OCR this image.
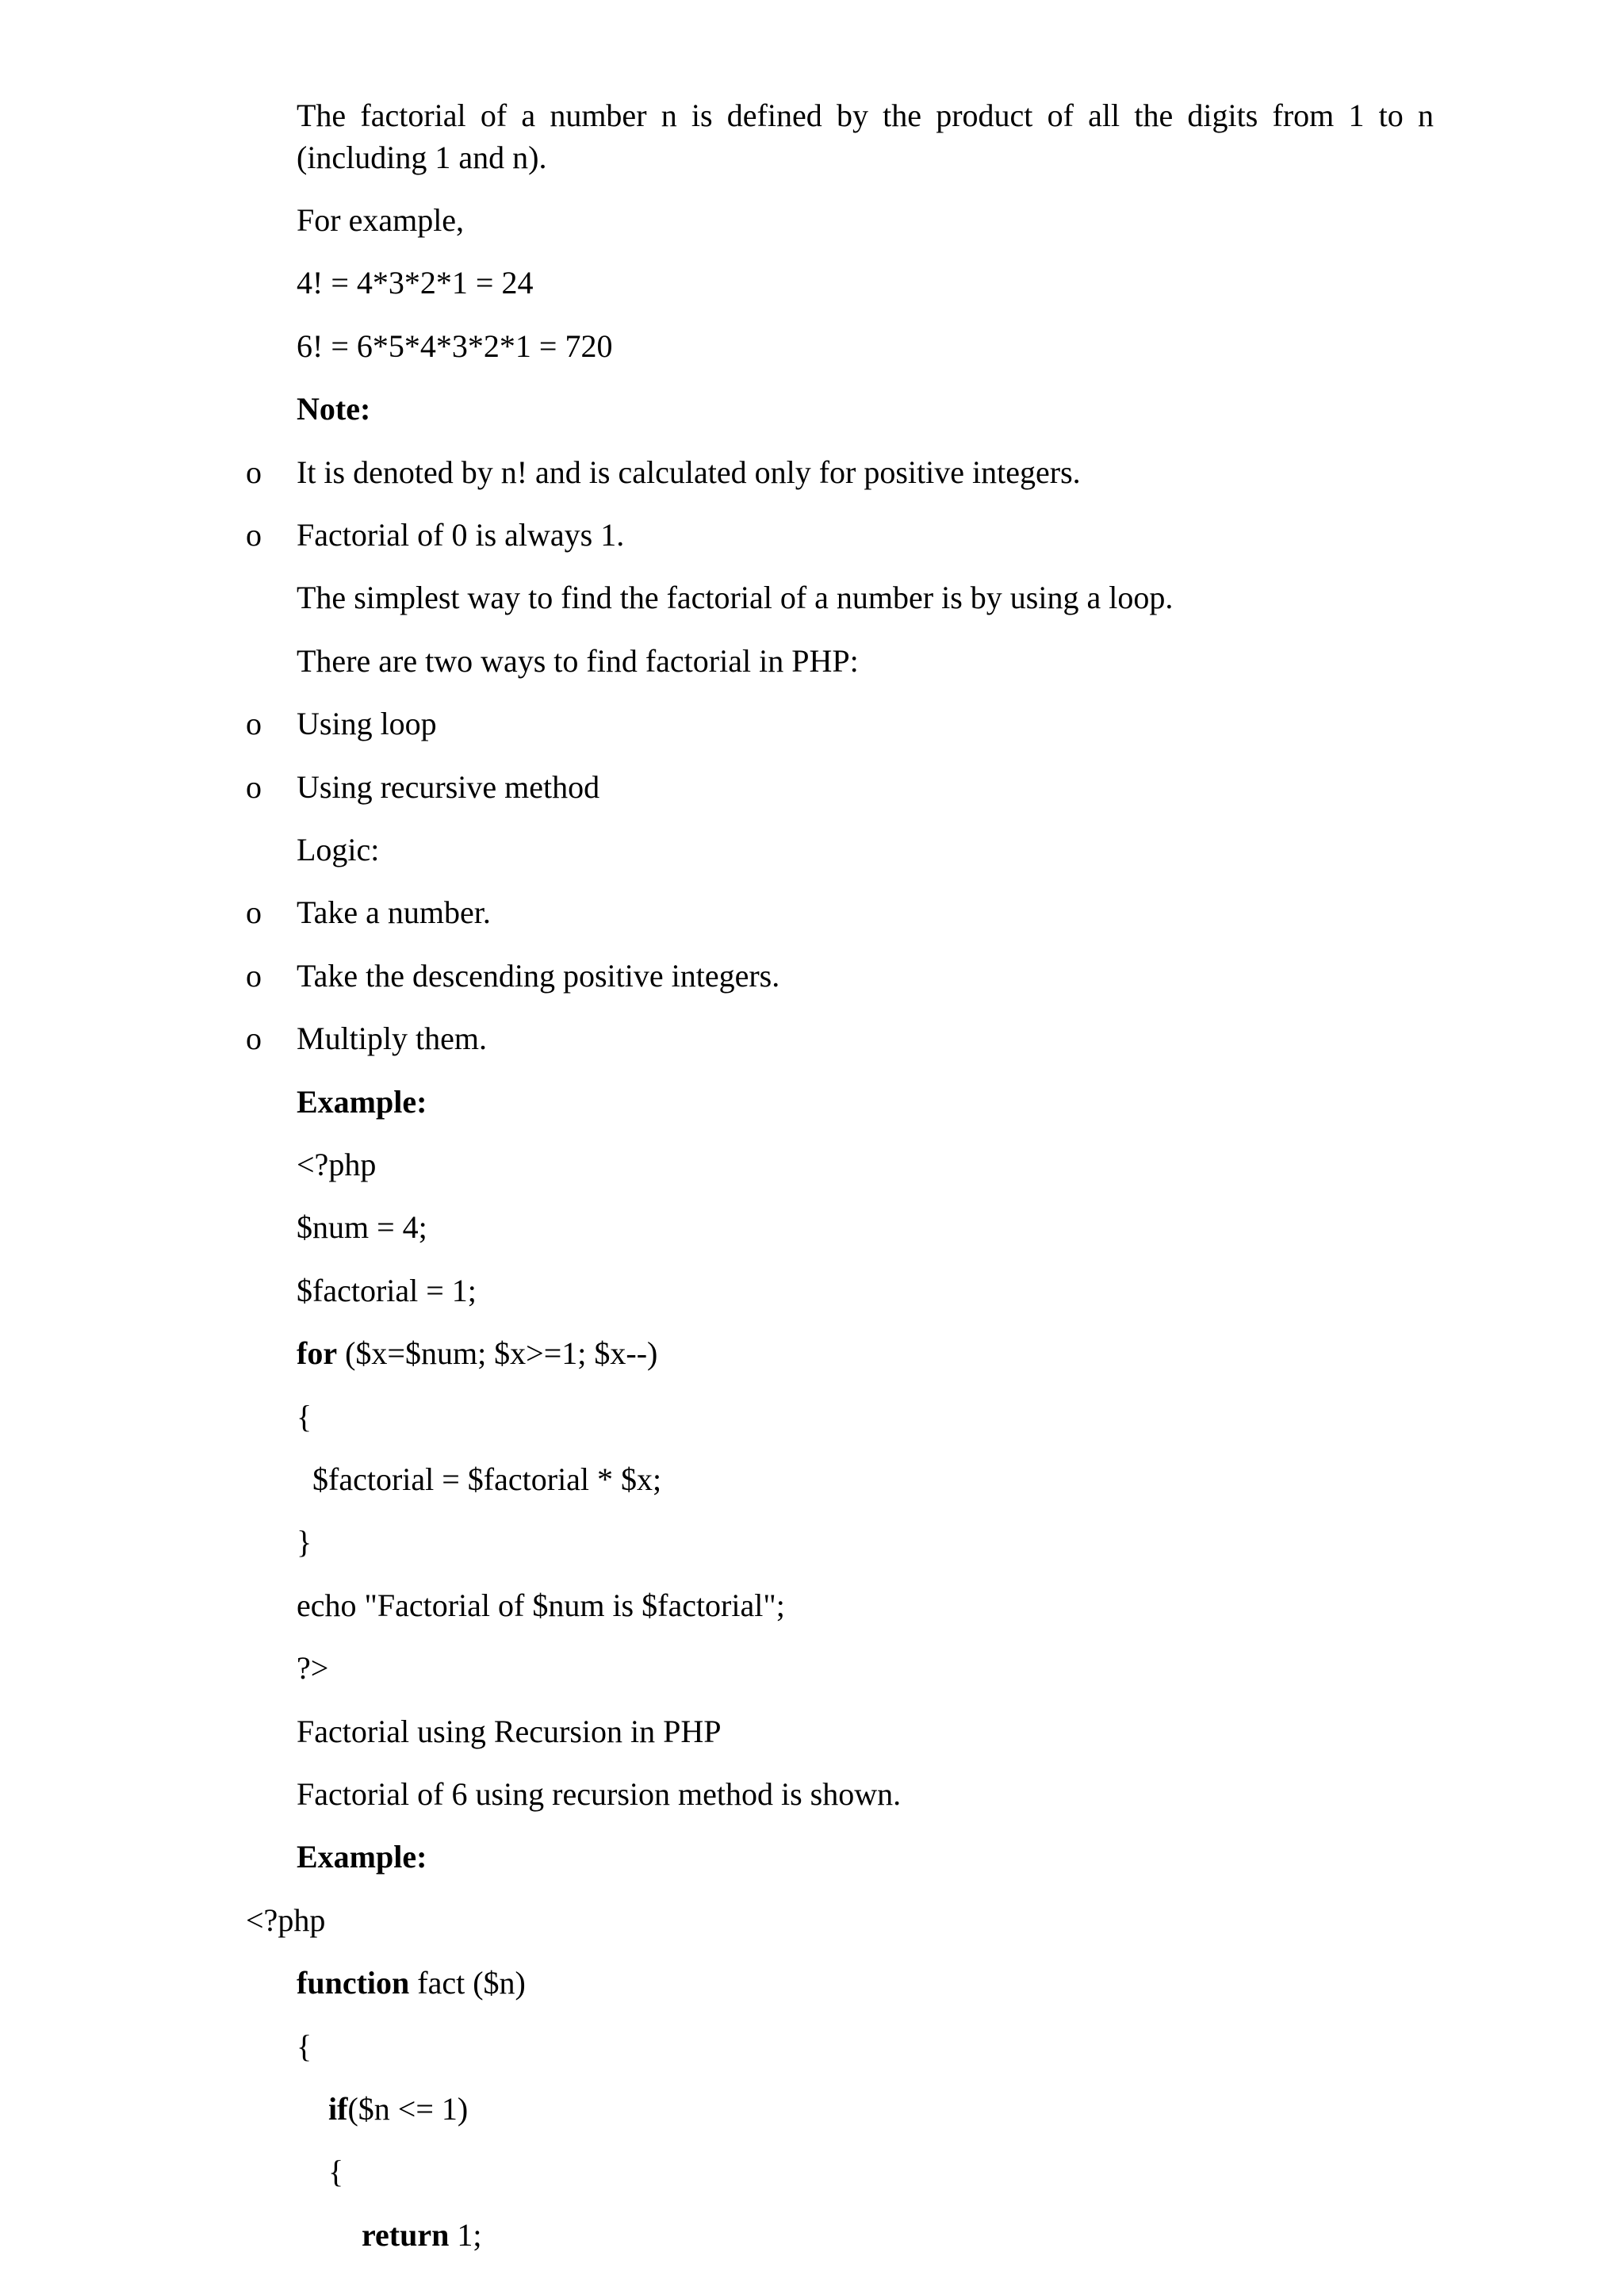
The factorial of a number n is defined by the product of all the digits from 1 to n
(including 1 and n).
For example,
4! = 4*3*2*1 = 24
6! = 6*5*4*3*2*1 = 720
Note:
o It is denoted by n! and is calculated only for positive integers.
o Factorial of 0 is always 1.
The simplest way to find the factorial of a number is by using a loop.
There are two ways to find factorial in PHP:
o Using loop
o Using recursive method
Logic:
o Take a number.
o Take the descending positive integers.
o Multiply them.
Example:
<?php
$num = 4;
$factorial = 1;
for ($x=$num; $x>=1; $x--)
{
$factorial = $factorial * $x;
}
echo "Factorial of $num is $factorial";
?>
Factorial using Recursion in PHP
Factorial of 6 using recursion method is shown.
Example:
<?php
function fact ($n)
{
if($n <= 1)
{
return 1;
